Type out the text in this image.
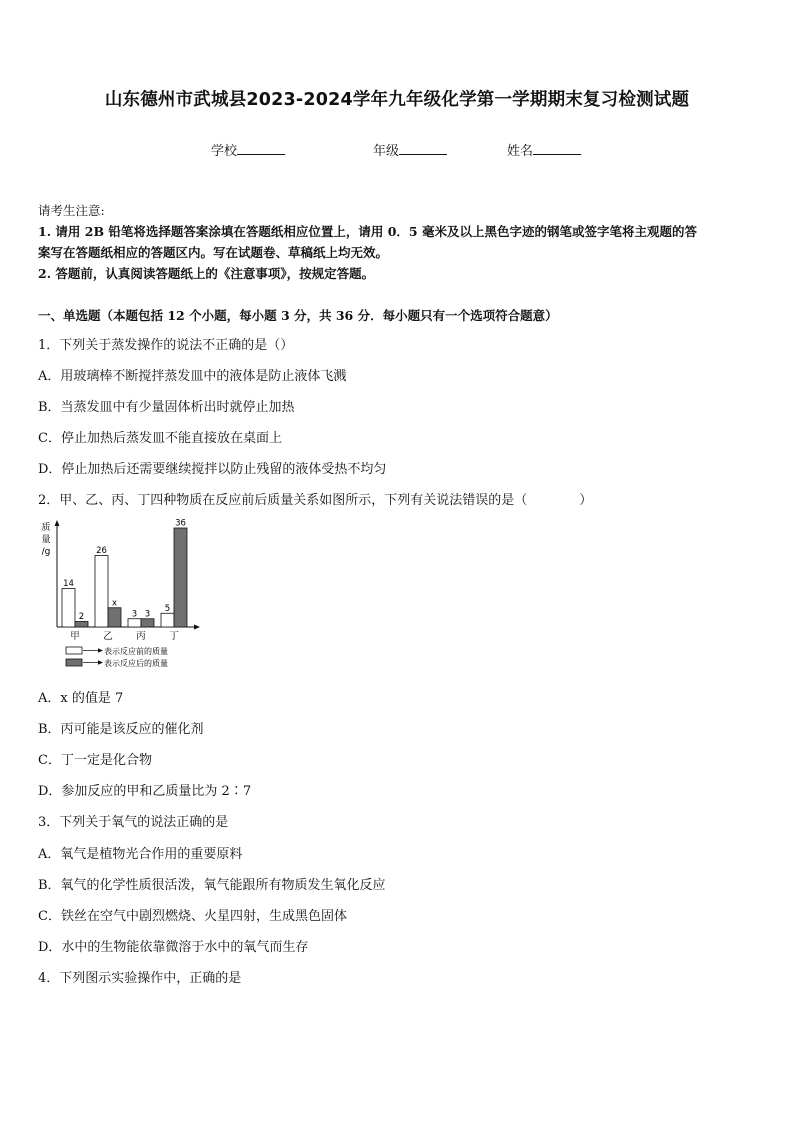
山东德州市武城县2023-2024学年九年级化学第一学期期末复习检测试题
学校	年级	姓名
请考生注意:
1. 请用 2B 铅笔将选择题答案涂填在答题纸相应位置上，请用 0．5 毫米及以上黑色字迹的钢笔或签字笔将主观题的答
案写在答题纸相应的答题区内。写在试题卷、草稿纸上均无效。
2. 答题前，认真阅读答题纸上的《注意事项》，按规定答题。
一、单选题（本题包括 12 个小题，每小题 3 分，共 36 分．每小题只有一个选项符合题意）
1．下列关于蒸发操作的说法不正确的是（）
A．用玻璃棒不断搅拌蒸发皿中的液体是防止液体飞溅
B．当蒸发皿中有少量固体析出时就停止加热
C．停止加热后蒸发皿不能直接放在桌面上
D．停止加热后还需要继续搅拌以防止残留的液体受热不均匀
2．甲、乙、丙、丁四种物质在反应前后质量关系如图所示，下列有关说法错误的是（　　　　）
质量/g
14
2
甲
26
x
乙
3 3
丙
5
36
丁
表示反应前的质量
表示反应后的质量
A．x 的值是 7
B．丙可能是该反应的催化剂
C．丁一定是化合物
D．参加反应的甲和乙质量比为 2∶7
3．下列关于氧气的说法正确的是
A．氧气是植物光合作用的重要原料
B．氧气的化学性质很活泼，氧气能跟所有物质发生氧化反应
C．铁丝在空气中剧烈燃烧、火星四射，生成黑色固体
D．水中的生物能依靠微溶于水中的氧气而生存
4．下列图示实验操作中，正确的是
